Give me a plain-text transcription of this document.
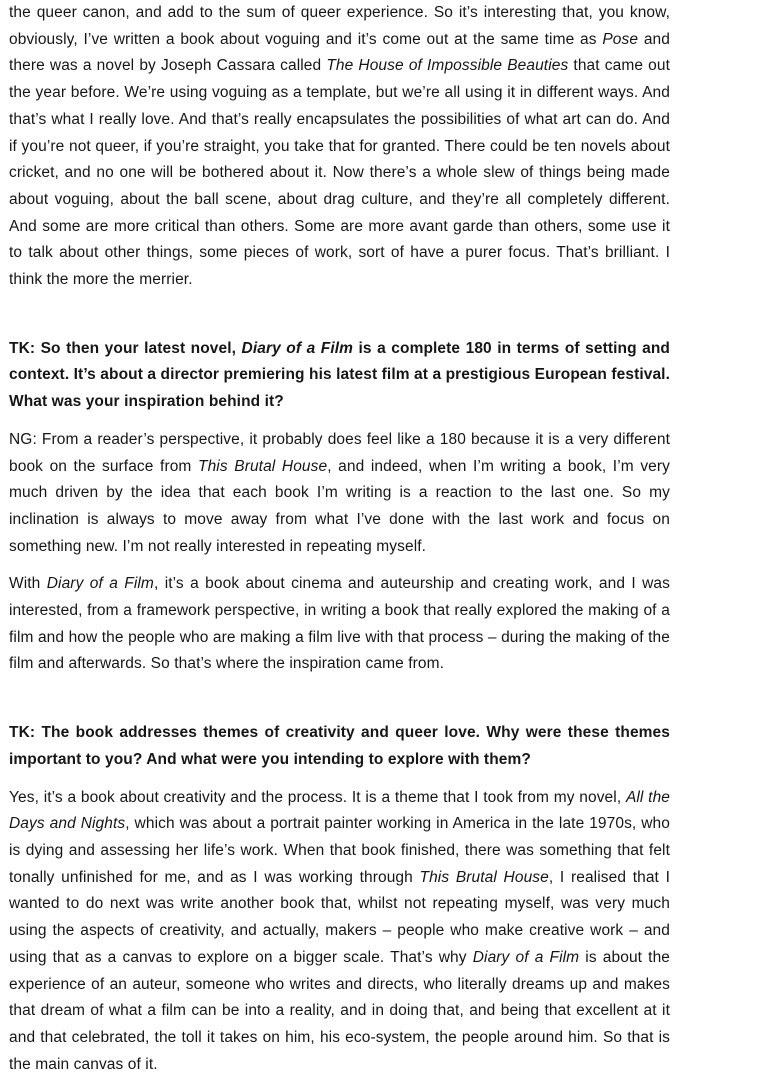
the queer canon, and add to the sum of queer experience. So it’s interesting that, you know, obviously, I’ve written a book about voguing and it’s come out at the same time as Pose and there was a novel by Joseph Cassara called The House of Impossible Beauties that came out the year before. We’re using voguing as a template, but we’re all using it in different ways. And that’s what I really love. And that’s really encapsulates the possibilities of what art can do. And if you’re not queer, if you’re straight, you take that for granted. There could be ten novels about cricket, and no one will be bothered about it. Now there’s a whole slew of things being made about voguing, about the ball scene, about drag culture, and they’re all completely different. And some are more critical than others. Some are more avant garde than others, some use it to talk about other things, some pieces of work, sort of have a purer focus. That’s brilliant. I think the more the merrier.

TK: So then your latest novel, Diary of a Film is a complete 180 in terms of setting and context. It’s about a director premiering his latest film at a prestigious European festival. What was your inspiration behind it?

NG: From a reader’s perspective, it probably does feel like a 180 because it is a very different book on the surface from This Brutal House, and indeed, when I’m writing a book, I’m very much driven by the idea that each book I’m writing is a reaction to the last one. So my inclination is always to move away from what I’ve done with the last work and focus on something new. I’m not really interested in repeating myself.

With Diary of a Film, it’s a book about cinema and auteurship and creating work, and I was interested, from a framework perspective, in writing a book that really explored the making of a film and how the people who are making a film live with that process – during the making of the film and afterwards. So that’s where the inspiration came from.

TK: The book addresses themes of creativity and queer love. Why were these themes important to you? And what were you intending to explore with them?

Yes, it’s a book about creativity and the process. It is a theme that I took from my novel, All the Days and Nights, which was about a portrait painter working in America in the late 1970s, who is dying and assessing her life’s work. When that book finished, there was something that felt tonally unfinished for me, and as I was working through This Brutal House, I realised that I wanted to do next was write another book that, whilst not repeating myself, was very much using the aspects of creativity, and actually, makers – people who make creative work – and using that as a canvas to explore on a bigger scale. That’s why Diary of a Film is about the experience of an auteur, someone who writes and directs, who literally dreams up and makes that dream of what a film can be into a reality, and in doing that, and being that excellent at it and that celebrated, the toll it takes on him, his eco-system, the people around him. So that is the main canvas of it.
